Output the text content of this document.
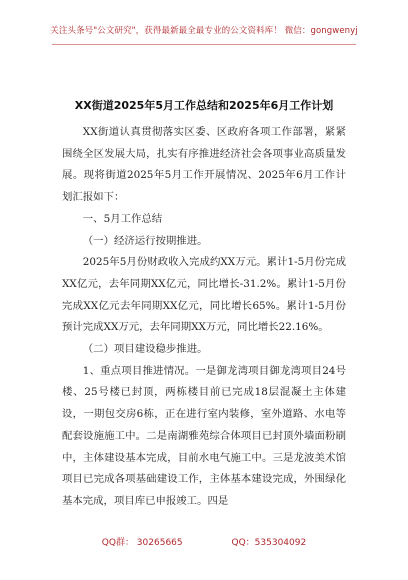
关注头条号"公文研究"，获得最新最全最专业的公文资料库！ 微信：gongwenyj
XX街道2025年5月工作总结和2025年6月工作计划

XX街道认真贯彻落实区委、区政府各项工作部署，紧紧围绕全区发展大局，扎实有序推进经济社会各项事业高质量发展。现将街道2025年5月工作开展情况、2025年6月工作计划汇报如下：

一、5月工作总结

（一）经济运行按期推进。

2025年5月份财政收入完成约XX万元。累计1-5月份完成XX亿元，去年同期XX亿元，同比增长-31.2%。累计1-5月份完成XX亿元去年同期XX亿元，同比增长65%。累计1-5月份预计完成XX万元，去年同期XX万元，同比增长22.16%。

（二）项目建设稳步推进。

1、重点项目推进情况。一是御龙湾项目御龙湾项目24号楼、25号楼已封顶，两栋楼目前已完成18层混凝土主体建设，一期包交房6栋，正在进行室内装修，室外道路、水电等配套设施施工中。二是南湖雅苑综合体项目已封顶外墙面粉刷中，主体建设基本完成，目前水电气施工中。三是龙波美术馆项目已完成各项基础建设工作，主体基本建设完成，外围绿化基本完成，项目库已申报竣工。四是

QQ群： 30265665	QQ：535304092
